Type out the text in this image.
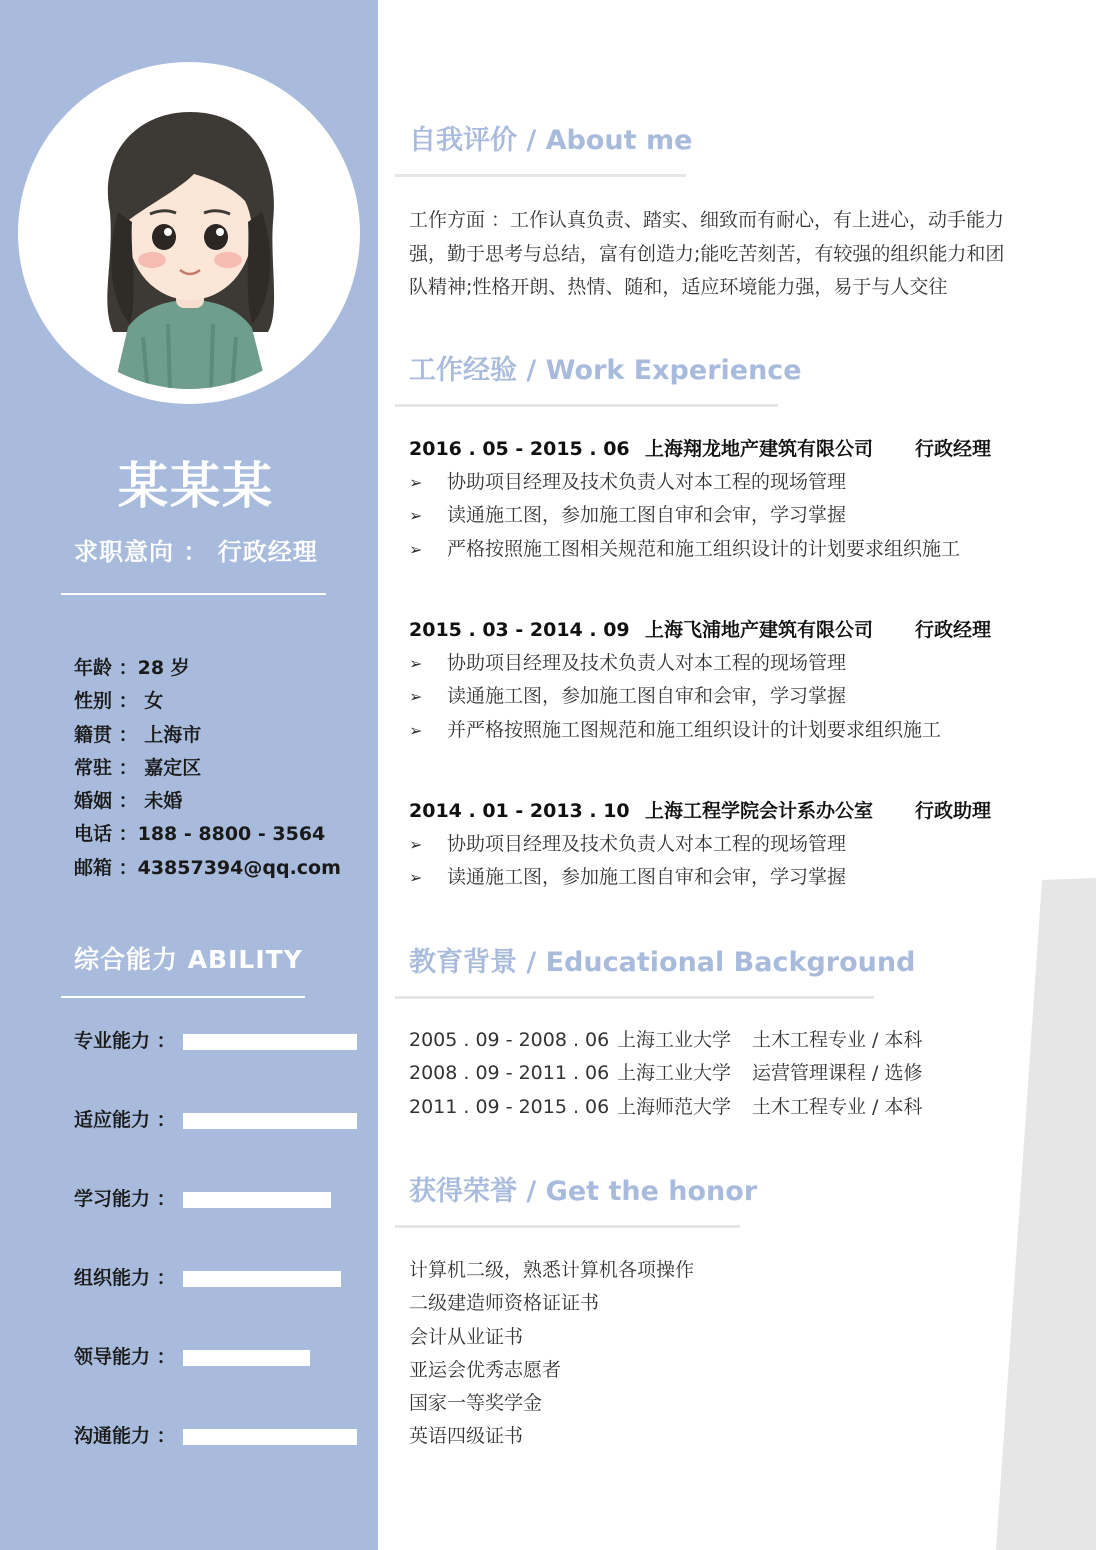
某某某
求职意向 ： 行政经理
年龄 ：28 岁
性别 ： 女
籍贯 ： 上海市
常驻 ： 嘉定区
婚姻 ： 未婚
电话 ：188 - 8800 - 3564
邮箱 ：43857394@qq.com
综合能力 ABILITY
专业能力 ：
适应能力 ：
学习能力 ：
组织能力 ：
领导能力 ：
沟通能力 ：
自我评价 / About me

工作方面 ：工作认真负责、踏实、细致而有耐心，有上进心，动手能力强，勤于思考与总结，富有创造力;能吃苦刻苦，有较强的组织能力和团队精神;性格开朗、热情、随和，适应环境能力强，易于与人交往

工作经验 / Work Experience
2016 . 05 - 2015 . 06 上海翔龙地产建筑有限公司 行政经理
➢ 协助项目经理及技术负责人对本工程的现场管理
➢ 读通施工图，参加施工图自审和会审，学习掌握
➢ 严格按照施工图相关规范和施工组织设计的计划要求组织施工
2015 . 03 - 2014 . 09 上海飞浦地产建筑有限公司 行政经理
➢ 协助项目经理及技术负责人对本工程的现场管理
➢ 读通施工图，参加施工图自审和会审，学习掌握
➢ 并严格按照施工图规范和施工组织设计的计划要求组织施工
2014 . 01 - 2013 . 10 上海工程学院会计系办公室 行政助理
➢ 协助项目经理及技术负责人对本工程的现场管理
➢ 读通施工图，参加施工图自审和会审，学习掌握
教育背景 / Educational Background
2005 . 09 - 2008 . 06 上海工业大学 土木工程专业 / 本科
2008 . 09 - 2011 . 06 上海工业大学 运营管理课程 / 选修
2011 . 09 - 2015 . 06 上海师范大学 土木工程专业 / 本科
获得荣誉 / Get the honor
计算机二级，熟悉计算机各项操作
二级建造师资格证证书
会计从业证书
亚运会优秀志愿者
国家一等奖学金
英语四级证书
